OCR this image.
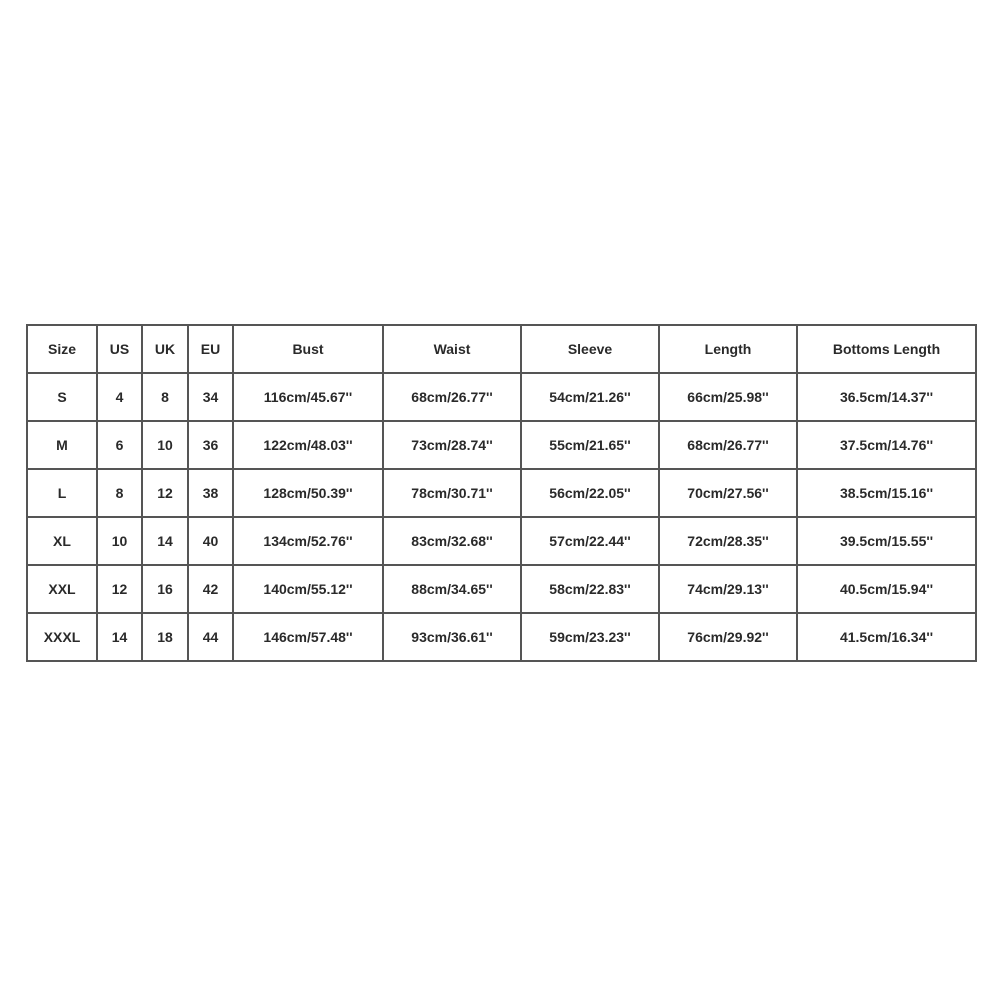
Size	US	UK	EU	Bust	Waist	Sleeve	Length	Bottoms Length
S	4	8	34	116cm/45.67''	68cm/26.77''	54cm/21.26''	66cm/25.98''	36.5cm/14.37''
M	6	10	36	122cm/48.03''	73cm/28.74''	55cm/21.65''	68cm/26.77''	37.5cm/14.76''
L	8	12	38	128cm/50.39''	78cm/30.71''	56cm/22.05''	70cm/27.56''	38.5cm/15.16''
XL	10	14	40	134cm/52.76''	83cm/32.68''	57cm/22.44''	72cm/28.35''	39.5cm/15.55''
XXL	12	16	42	140cm/55.12''	88cm/34.65''	58cm/22.83''	74cm/29.13''	40.5cm/15.94''
XXXL	14	18	44	146cm/57.48''	93cm/36.61''	59cm/23.23''	76cm/29.92''	41.5cm/16.34''
